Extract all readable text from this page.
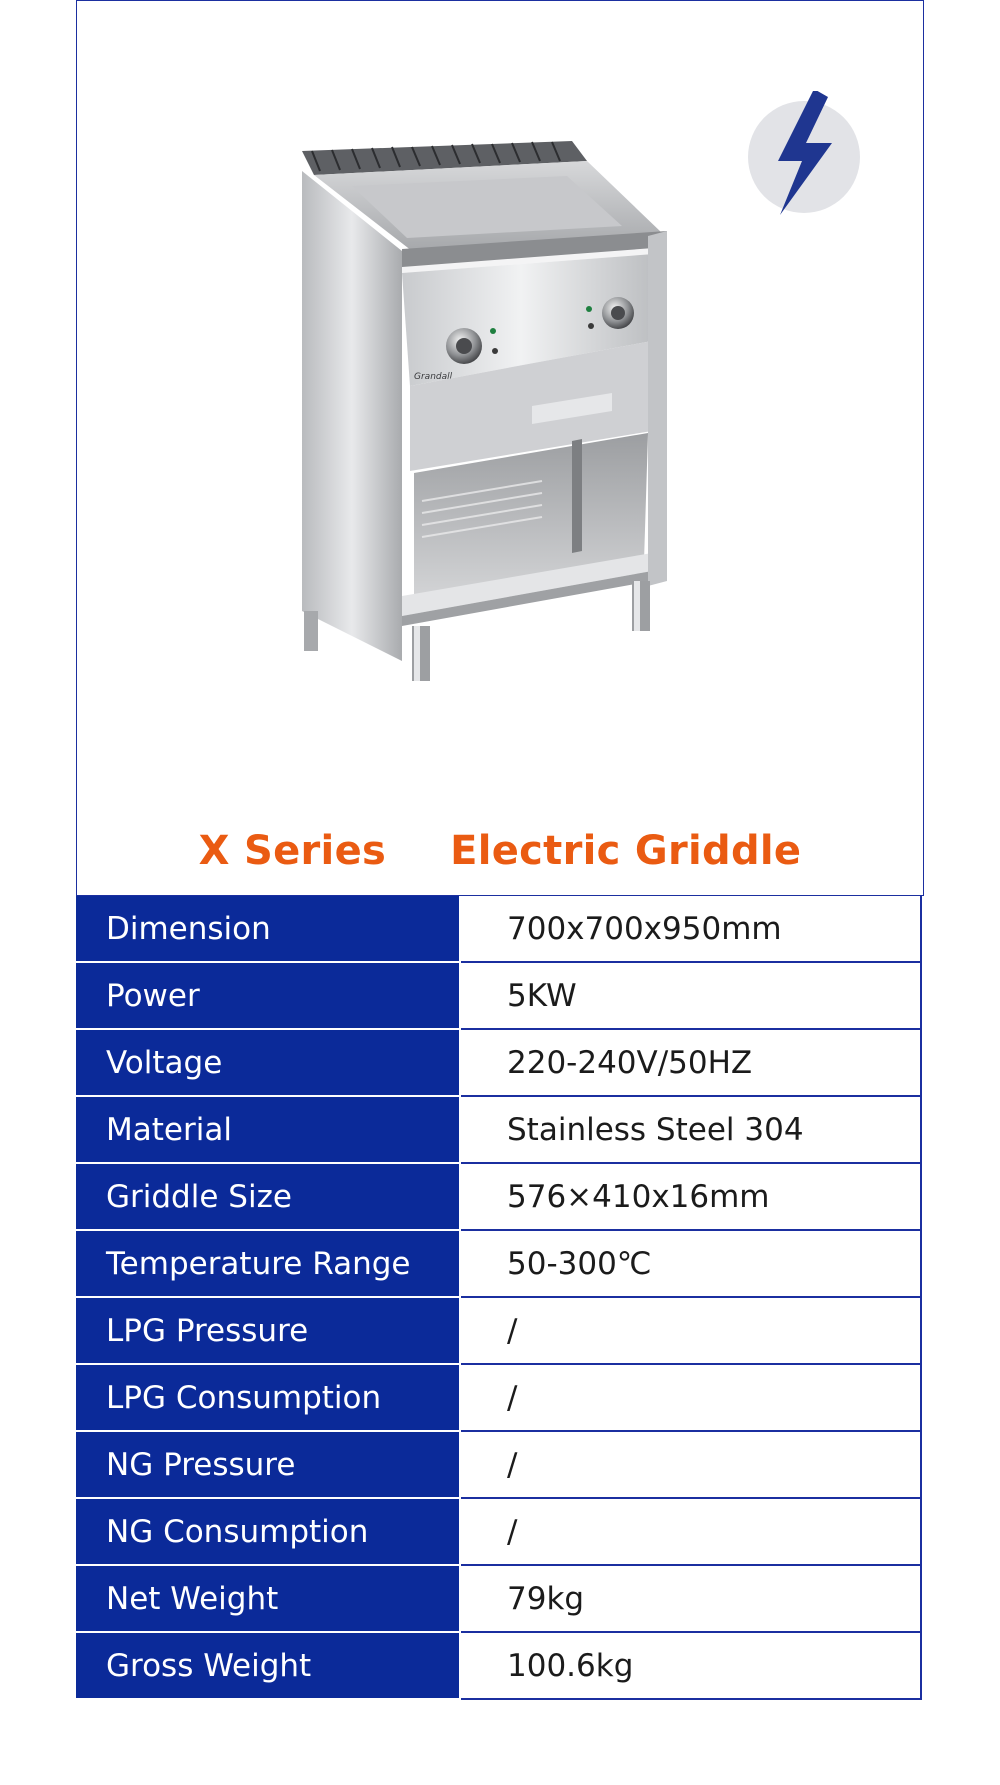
Grandall
X Series Electric Griddle
Dimension	700x700x950mm
Power	5KW
Voltage	220-240V/50HZ
Material	Stainless Steel 304
Griddle Size	576×410x16mm
Temperature Range	50-300℃
LPG Pressure	/
LPG Consumption	/
NG Pressure	/
NG Consumption	/
Net Weight	79kg
Gross Weight	100.6kg
